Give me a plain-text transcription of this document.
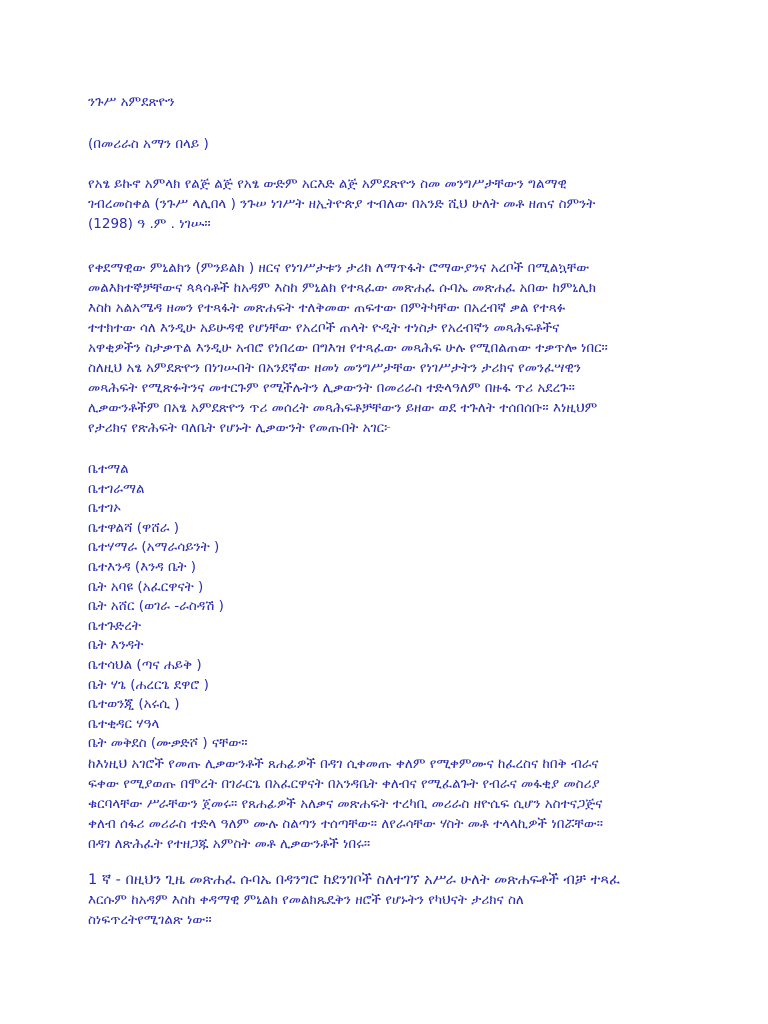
ንጉሥ አምደጽዮን
(በመሪራስ አማን በላይ )
የአፄ ይኩኖ አምላክ የልጅ ልጅ የአፄ ውድም አርእድ ልጅ አምደጽዮን ስመ መንግሥታቸውን ግልማዊ
ገብረመስቀል (ንጉሥ ላሊበላ ) ንጉሠ ነገሥት ዘኢትዮጵያ ተብለው በአንድ ሺህ ሁለት መቶ ዘጠና ስምንት
(1298) ዓ .ም . ነገሡ።
የቀደማዊው ምኒልክን (ምንይልክ ) ዘርና የነገሥታቱን ታሪክ ለማጥፋት ሮማውያንና አረቦች በሚልኳቸው
መልእክተኞቻቸውና ጳጳሳቶች ከአዳም እስከ ምኒልክ የተጻፈው መጽሐፈ ሱባኤ መጽሐፈ አበው ከምኒሊክ
እስከ አልአሜዳ ዘመን የተጻፋት መጽሐፍት ተለቅመው ጠፍተው በምትካቸው በአረብኛ ቃል የተጻፉ
ተተክተው ሳለ እንዲሁ አይሁዳዊ የሆነቸው የአረቦች ጠላት ዮዲት ተነስታ የአረብኛን መጻሕፍቶችና
አዋቂዎችን ስታቃጥል እንዲሁ አብሮ የነበረው በግእዝ የተጻፈው መጻሕፍ ሁሉ የሚበልጠው ተቃጥሎ ነበር።
ስለዚህ አፄ አምደጽዮን በነገሡበት በአንደኛው ዘመነ መንግሥታቸው የነገሥታትን ታሪክና የመንፈሣዊን
መጻሕፍት የሚጽፉትንና መተርጉም የሚችሉትን ሊቃውንት በመሪራስ ተድላዓለም በዙፋ ጥሪ አደረጉ።
ሊቃውንቶችም በአፄ አምደጽዮን ጥሪ መሰረት መጻሕፍቶቻቸውን ይዘው ወደ ተጉለት ተሰበሰቡ። እነዚህም
የታሪክና የጽሕፍት ባለቤት የሆኑት ሊቃውንት የመጡበት አገር፦
ቤተማል
ቤተገራማል
ቤተገኦ
ቤተዋልሻ (ዋሸራ )
ቤተሃማራ (አማራሳይንት )
ቤተእንዳ (እንዳ ቤት )
ቤት አባዩ (አፈርዋናት )
ቤት አሸር (ወገራ -ራስዳሽ )
ቤተጉድረት
ቤት እንዳት
ቤተሳህል (ጣና ሐይቅ )
ቤት ሃጌ (ሐረርጌ ደዋሮ )
ቤተወንጂ (አሩሲ )
ቤተቂዳር ሃዓላ
ቤት መቅደስ (ሙቃድሾ ) ናቸው።
ከእነዚህ አገሮች የመጡ ሊቃውንቶች ጸሐፊዎች በዳገ ሲቀመጡ ቀለም የሚቀምሙና ከፈረስና ከበቅ ብራና
ፍቀው የሚያወጡ በሞረት በገራርጌ በአፈርዋናት በአንዳቤት ቀለብና የሚፈልጉት የብራና መፋቂያ መስሪያ
ቁርባላቸው ሥራቸውን ጀመሩ። የጸሐፊዎች አለቃና መጽሐፍት ተረካቢ መሪራስ ዘዮሴፍ ሲሆን አስተናጋጅና
ቀለብ ሰፋሪ መሪራስ ተድላ ዓለም ሙሉ ስልጣን ተሰጣቸው። ለየራሳቸው ሃስት መቶ ተላላኪዎች ነበሯቸው።
በዳገ ለጽሕፈት የተዘጋጁ አምስት መቶ ሊቃውንቶች ነበሩ።
1 ኛ - በዚህን ጊዜ መጽሐፈ ሱባኤ በዳንግሮ ከደንገቦች ስለተገኘ አሥራ ሁለት መጽሐፍቶች ብቻ ተጻፈ
እርሱም ከአዳም እስከ ቀዳማዊ ምኒልክ የመልክጼዴቅን ዘሮች የሆኑትን የካህናት ታሪክና ስለ
ስነፍጥረትየሚገልጽ ነው።
